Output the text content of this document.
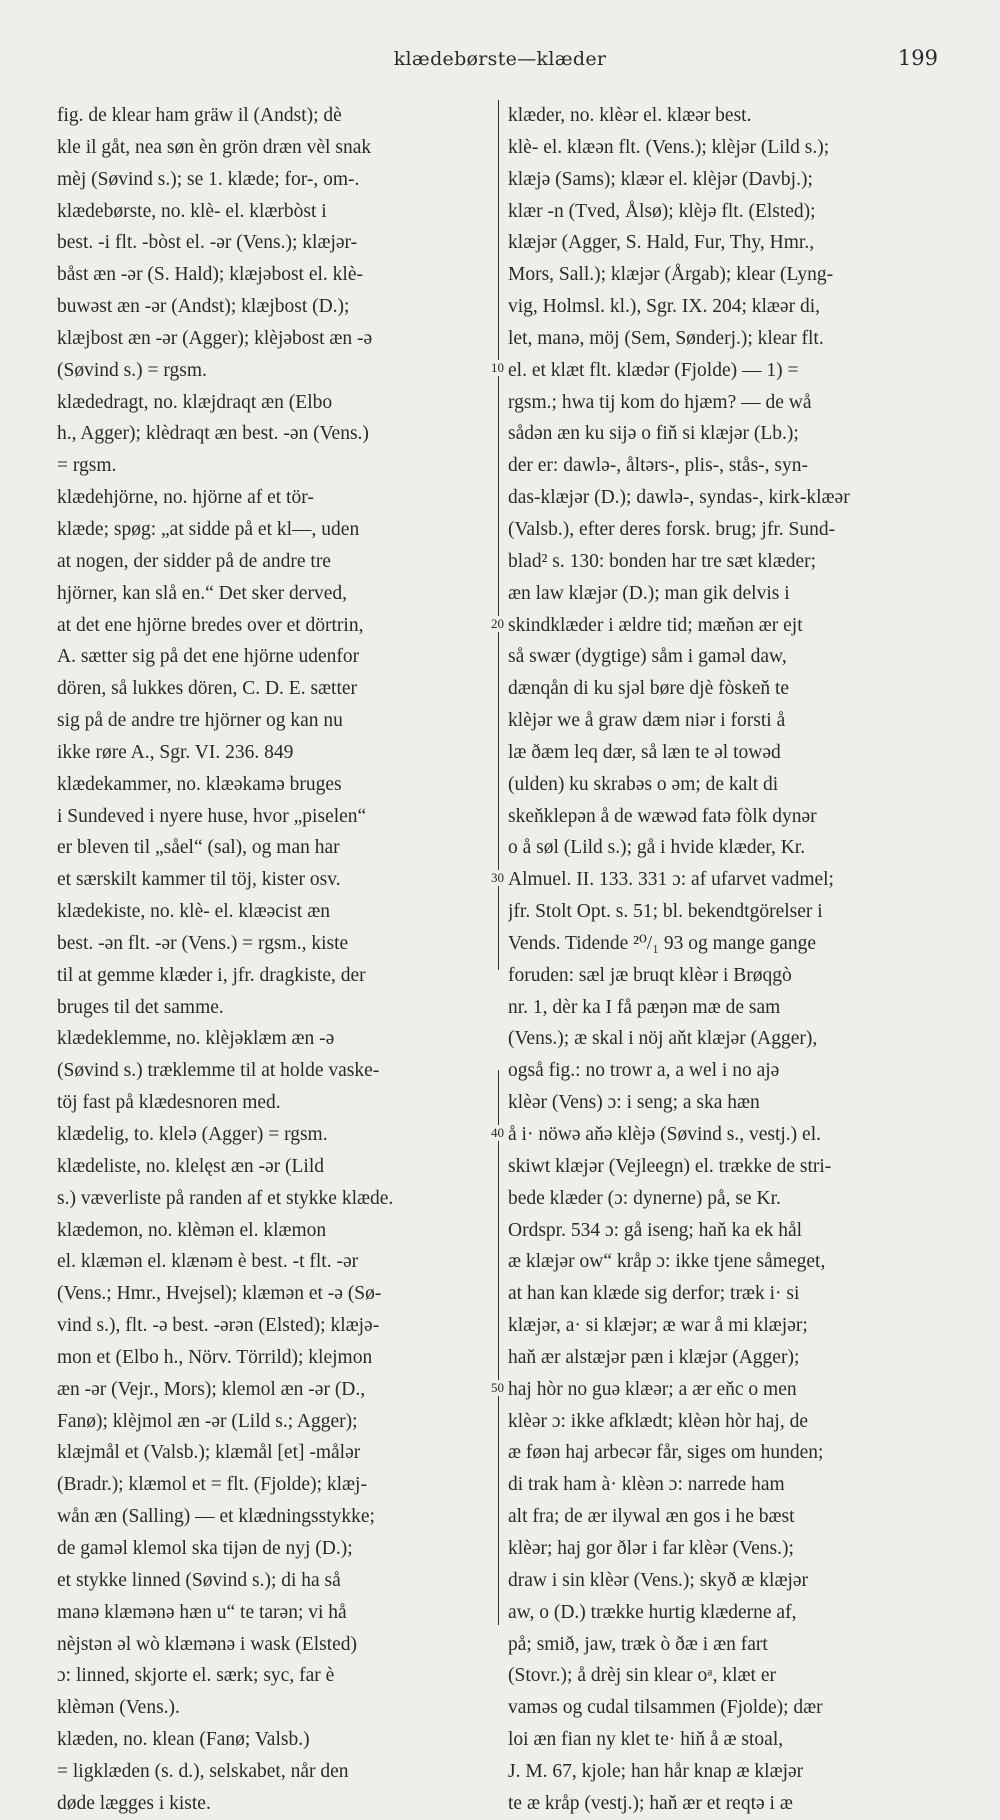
klædebørste—klæder	199
fig. de klear ham gräw il (Andst); dè
kle il gåt, nea søn èn grön dræn vèl snak
mèj (Søvind s.); se 1. klæde; for-, om-.
klædebørste, no. klè- el. klærbòst i
best. -i flt. -bòst el. -ər (Vens.); klæjər-
båst æn -ər (S. Hald); klæjəbost el. klè-
buwəst æn -ər (Andst); klæjbost (D.);
klæjbost æn -ər (Agger); klèjəbost æn -ə
(Søvind s.) = rgsm.
klædedragt, no. klæjdraqt æn (Elbo
h., Agger); klèdraqt æn best. -ən (Vens.)
= rgsm.
klædehjörne, no. hjörne af et tör-
klæde; spøg: „at sidde på et kl—, uden
at nogen, der sidder på de andre tre
hjörner, kan slå en.“ Det sker derved,
at det ene hjörne bredes over et dörtrin,
A. sætter sig på det ene hjörne udenfor
dören, så lukkes dören, C. D. E. sætter
sig på de andre tre hjörner og kan nu
ikke røre A., Sgr. VI. 236. 849
klædekammer, no. klæəkamə bruges
i Sundeved i nyere huse, hvor „piselen“
er bleven til „såel“ (sal), og man har
et særskilt kammer til töj, kister osv.
klædekiste, no. klè- el. klæəcist æn
best. -ən flt. -ər (Vens.) = rgsm., kiste
til at gemme klæder i, jfr. dragkiste, der
bruges til det samme.
klædeklemme, no. klèjəklæm æn -ə
(Søvind s.) træklemme til at holde vaske-
töj fast på klædesnoren med.
klædelig, to. klelə (Agger) = rgsm.
klædeliste, no. klelęst æn -ər (Lild
s.) væverliste på randen af et stykke klæde.
klædemon, no. klèmən el. klæmon
el. klæmən el. klænəm è best. -t flt. -ər
(Vens.; Hmr., Hvejsel); klæmən et -ə (Sø-
vind s.), flt. -ə best. -ərən (Elsted); klæjə-
mon et (Elbo h., Nörv. Törrild); klejmon
æn -ər (Vejr., Mors); klemol æn -ər (D.,
Fanø); klèjmol æn -ər (Lild s.; Agger);
klæjmål et (Valsb.); klæmål [et] -målər
(Bradr.); klæmol et = flt. (Fjolde); klæj-
wån æn (Salling) — et klædningsstykke;
de gaməl klemol ska tijən de nyj (D.);
et stykke linned (Søvind s.); di ha så
manə klæmənə hæn u“ te tarən; vi hå
nèjstən əl wò klæmənə i wask (Elsted)
ɔ: linned, skjorte el. særk; syc, far è
klèmən (Vens.).
klæden, no. klean (Fanø; Valsb.)
= ligklæden (s. d.), selskabet, når den
døde lægges i kiste.
klæder, no. klèər el. klæər best.
klè- el. klæən flt. (Vens.); klèjər (Lild s.);
klæjə (Sams); klæər el. klèjər (Davbj.);
klær -n (Tved, Ålsø); klèjə flt. (Elsted);
klæjər (Agger, S. Hald, Fur, Thy, Hmr.,
Mors, Sall.); klæjər (Årgab); klear (Lyng-
vig, Holmsl. kl.), Sgr. IX. 204; klæər di,
let, manə, möj (Sem, Sønderj.); klear flt.
el. et klæt flt. klædər (Fjolde) — 1) =
rgsm.; hwa tij kom do hjæm? — de wå
sådən æn ku sijə o fiň si klæjər (Lb.);
der er: dawlə-, åltərs-, plis-, stås-, syn-
das-klæjər (D.); dawlə-, syndas-, kirk-klæər
(Valsb.), efter deres forsk. brug; jfr. Sund-
blad² s. 130: bonden har tre sæt klæder;
æn law klæjər (D.); man gik delvis i
skindklæder i ældre tid; mæňən ær ejt
så swær (dygtige) såm i gaməl daw,
dænqån di ku sjəl børe djè fòskeň te
klèjər we å graw dæm niər i forsti å
læ ðæm leq dær, så læn te əl towəd
(ulden) ku skrabəs o əm; de kalt di
skeňklepən å de wæwəd fatə fòlk dynər
o å søl (Lild s.); gå i hvide klæder, Kr.
Almuel. II. 133. 331 ɔ: af ufarvet vadmel;
jfr. Stolt Opt. s. 51; bl. bekendtgörelser i
Vends. Tidende ²⁰/₁ 93 og mange gange
foruden: sæl jæ bruqt klèər i Brøqgò
nr. 1, dèr ka I få pæŋən mæ de sam
(Vens.); æ skal i nöj aňt klæjər (Agger),
også fig.: no trowr a, a wel i no ajə
klèər (Vens) ɔ: i seng; a ska hæn
å i· nöwə aňə klèjə (Søvind s., vestj.) el.
skiwt klæjər (Vejleegn) el. trække de stri-
bede klæder (ɔ: dynerne) på, se Kr.
Ordspr. 534 ɔ: gå iseng; haň ka ek hål
æ klæjər ow“ kråp ɔ: ikke tjene såmeget,
at han kan klæde sig derfor; træk i· si
klæjər, a· si klæjər; æ war å mi klæjər;
haň ær alstæjər pæn i klæjər (Agger);
haj hòr no guə klæər; a ær eňc o men
klèər ɔ: ikke afklædt; klèən hòr haj, de
æ føən haj arbecər får, siges om hunden;
di trak ham à· klèən ɔ: narrede ham
alt fra; de ær ilywal æn gos i he bæst
klèər; haj gor ðlər i far klèər (Vens.);
draw i sin klèər (Vens.); skyð æ klæjər
aw, o (D.) trække hurtig klæderne af,
på; smið, jaw, træk ò ðæ i æn fart
(Stovr.); å drèj sin klear oᵃ, klæt er
vaməs og cudal tilsammen (Fjolde); dær
loi æn fian ny klet te· hiň å æ stoal,
J. M. 67, kjole; han hår knap æ klæjər
te æ kråp (vestj.); haň ær et reqtə i æ
10
20
30
40
50
